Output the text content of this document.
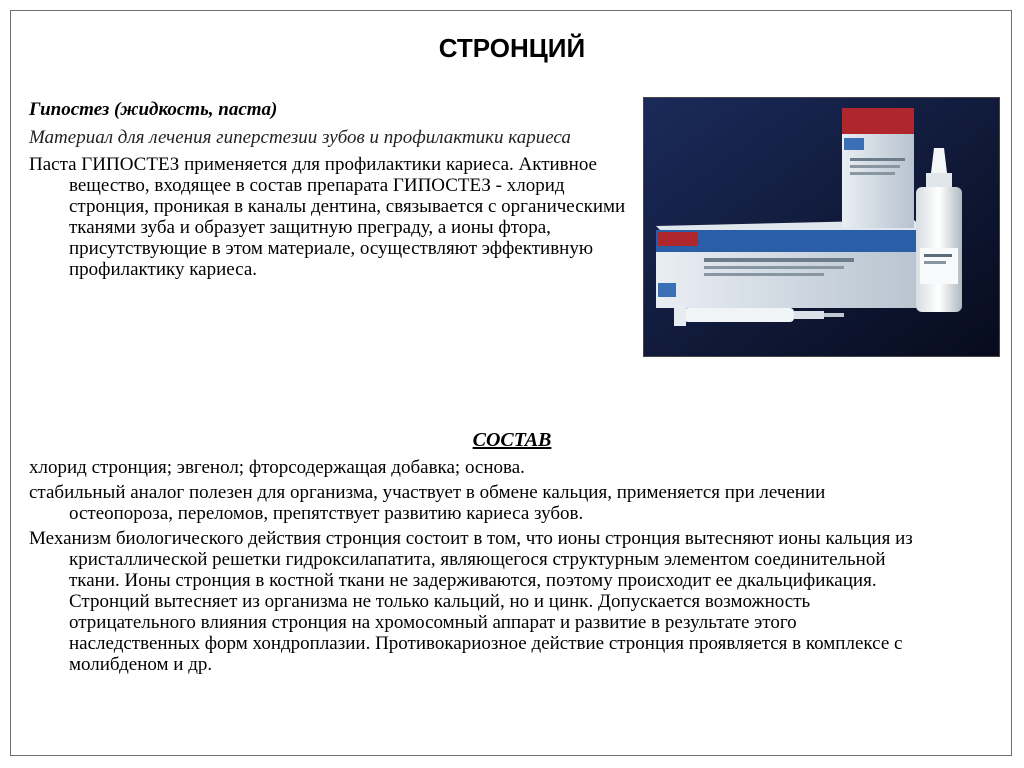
СТРОНЦИЙ

Гипостез (жидкость, паста)

Материал для лечения гиперстезии зубов и профилактики кариеса

Паста ГИПОСТЕЗ применяется для профилактики кариеса. Активное вещество, входящее в состав препарата ГИПОСТЕЗ - хлорид стронция, проникая в каналы дентина, связывается с органическими тканями зуба и образует защитную преграду, а ионы фтора, присутствующие в этом материале, осуществляют эффективную профилактику кариеса.

СОСТАВ

хлорид стронция; эвгенол; фторсодержащая добавка; основа.

стабильный аналог полезен для организма, участвует в обмене кальция, применяется при лечении остеопороза, переломов, препятствует развитию кариеса зубов.

Механизм биологического действия стронция состоит в том, что ионы стронция вытесняют ионы кальция из кристаллической решетки гидроксилапатита, являющегося структурным элементом соединительной ткани. Ионы стронция в костной ткани не задерживаются, поэтому происходит ее дкальцификация. Стронций вытесняет из организма не только кальций, но и цинк. Допускается возможность отрицательного влияния стронция на хромосомный аппарат и развитие в результате этого наследственных форм хондроплазии. Противокариозное действие стронция проявляется в комплексе с молибденом и др.
